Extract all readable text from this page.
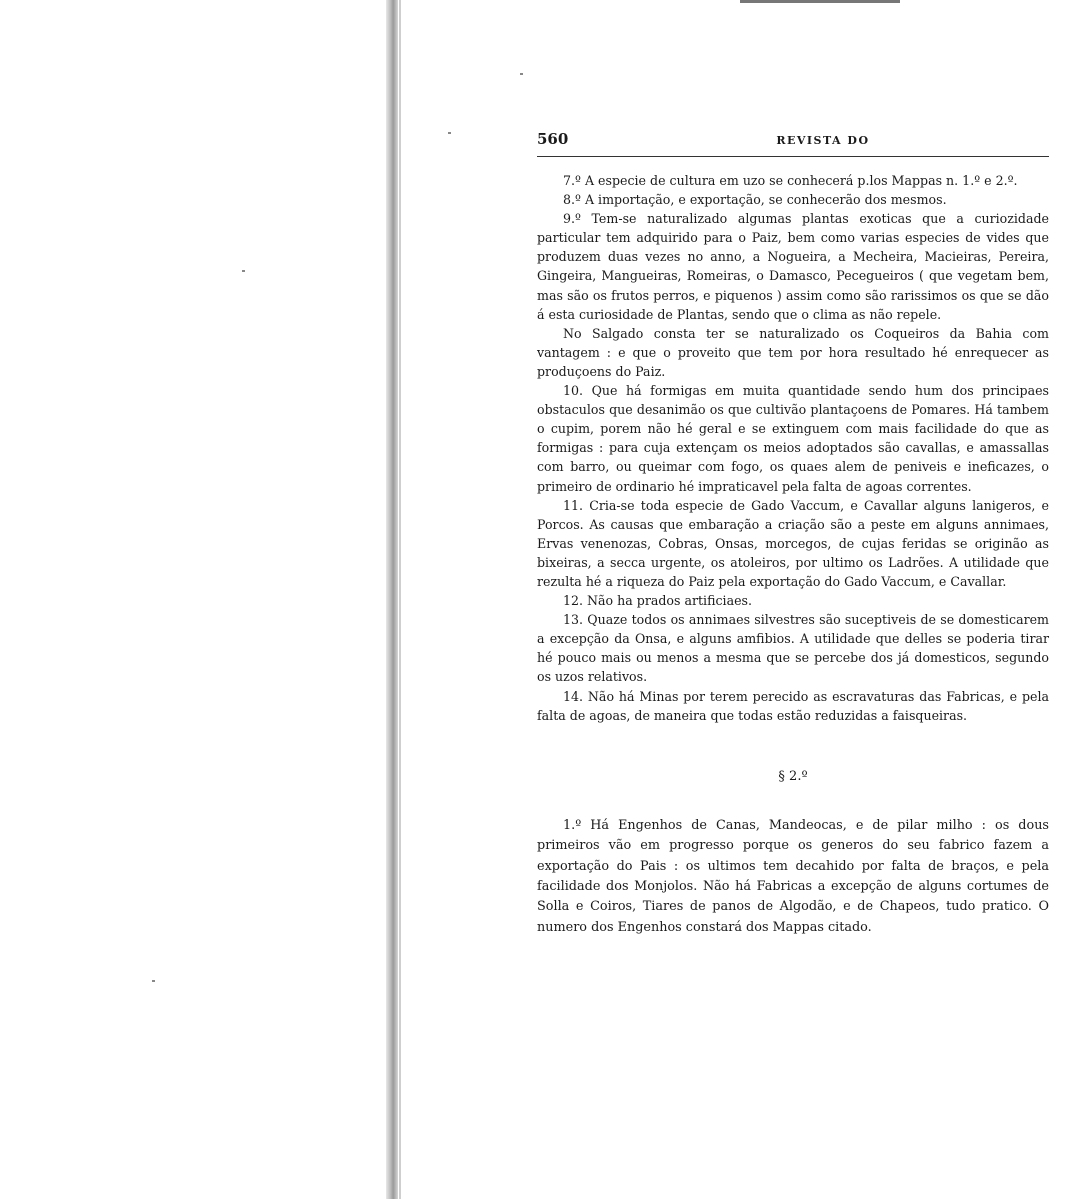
560	REVISTA DO

7.º A especie de cultura em uzo se conhecerá p.los Mappas n. 1.º e 2.º.

8.º A importação, e exportação, se conhecerão dos mesmos.

9.º Tem-se naturalizado algumas plantas exoticas que a curiozidade particular tem adquirido para o Paiz, bem como varias especies de vides que produzem duas vezes no anno, a Nogueira, a Mecheira, Macieiras, Pereira, Gingeira, Mangueiras, Romeiras, o Damasco, Pecegueiros ( que vegetam bem, mas são os frutos perros, e piquenos ) assim como são rarissimos os que se dão á esta curiosidade de Plantas, sendo que o clima as não repele.

No Salgado consta ter se naturalizado os Coqueiros da Bahia com vantagem : e que o proveito que tem por hora resultado hé enrequecer as produçoens do Paiz.

10. Que há formigas em muita quantidade sendo hum dos principaes obstaculos que desanimão os que cultivão plantaçoens de Pomares. Há tambem o cupim, porem não hé geral e se extinguem com mais facilidade do que as formigas : para cuja extençam os meios adoptados são cavallas, e amassallas com barro, ou queimar com fogo, os quaes alem de peniveis e ineficazes, o primeiro de ordinario hé impraticavel pela falta de agoas correntes.

11. Cria-se toda especie de Gado Vaccum, e Cavallar alguns lanigeros, e Porcos. As causas que embaração a criação são a peste em alguns annimaes, Ervas venenozas, Cobras, Onsas, morcegos, de cujas feridas se originão as bixeiras, a secca urgente, os atoleiros, por ultimo os Ladrões. A utilidade que rezulta hé a riqueza do Paiz pela exportação do Gado Vaccum, e Cavallar.

12. Não ha prados artificiaes.

13. Quaze todos os annimaes silvestres são suceptiveis de se domesticarem a excepção da Onsa, e alguns amfibios. A utilidade que delles se poderia tirar hé pouco mais ou menos a mesma que se percebe dos já domesticos, segundo os uzos relativos.

14. Não há Minas por terem perecido as escravaturas das Fabricas, e pela falta de agoas, de maneira que todas estão reduzidas a faisqueiras.

§ 2.º

1.º Há Engenhos de Canas, Mandeocas, e de pilar milho : os dous primeiros vão em progresso porque os generos do seu fabrico fazem a exportação do Pais : os ultimos tem decahido por falta de braços, e pela facilidade dos Monjolos. Não há Fabricas a excepção de alguns cortumes de Solla e Coiros, Tiares de panos de Algodão, e de Chapeos, tudo pratico. O numero dos Engenhos constará dos Mappas citado.
